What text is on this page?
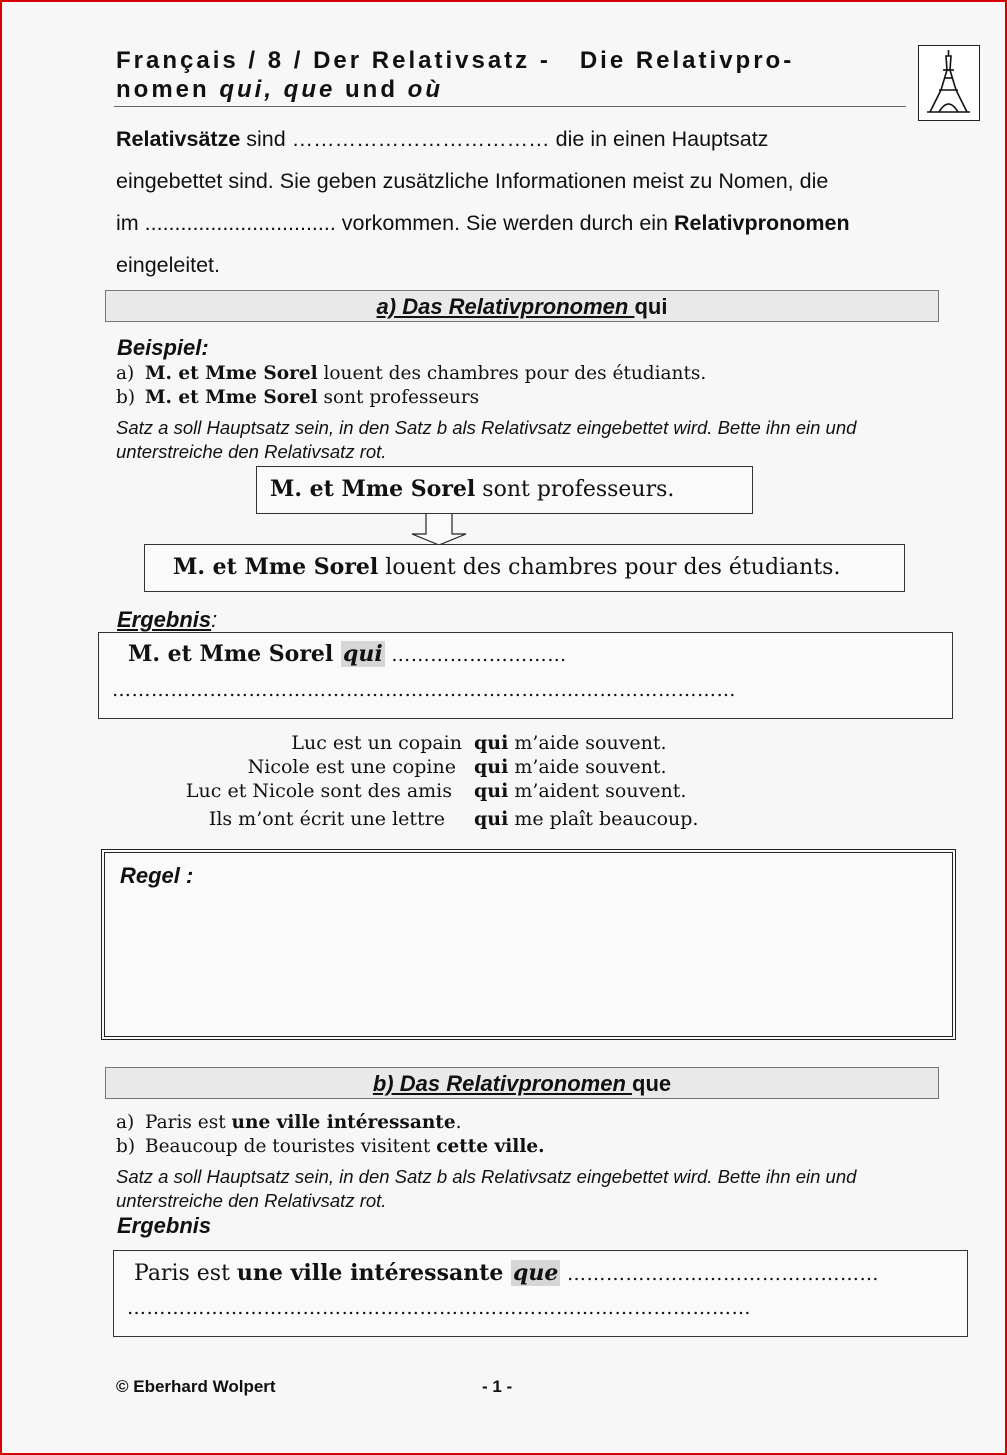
Français / 8 / Der Relativsatz -   Die Relativpro-
nomen qui, que und où
Relativsätze sind ……………………………… die in einen Hauptsatz
eingebettet sind. Sie geben zusätzliche Informationen meist zu Nomen, die
im ................................ vorkommen. Sie werden durch ein Relativpronomen
eingeleitet.
a) Das Relativpronomen qui
Beispiel:
a) M. et Mme Sorel louent des chambres pour des étudiants.
b) M. et Mme Sorel sont professeurs
Satz a soll Hauptsatz sein, in den Satz b als Relativsatz eingebettet wird. Bette ihn ein und
unterstreiche den Relativsatz rot.
M. et Mme Sorel sont professeurs.
M. et Mme Sorel louent des chambres pour des étudiants.
Ergebnis:
M. et Mme Sorel qui ………………………
……………………………………………………………………………………
Luc est un copain qui m’aide souvent.
Nicole est une copine qui m’aide souvent.
Luc et Nicole sont des amis qui m’aident souvent.
Ils m’ont écrit une lettre qui me plaît beaucoup.
Regel :
b) Das Relativpronomen que
a) Paris est une ville intéressante.
b) Beaucoup de touristes visitent cette ville.
Satz a soll Hauptsatz sein, in den Satz b als Relativsatz eingebettet wird. Bette ihn ein und
unterstreiche den Relativsatz rot.
Ergebnis
Paris est une ville intéressante que …………………………………………
……………………………………………………………………………………
© Eberhard Wolpert	- 1 -
